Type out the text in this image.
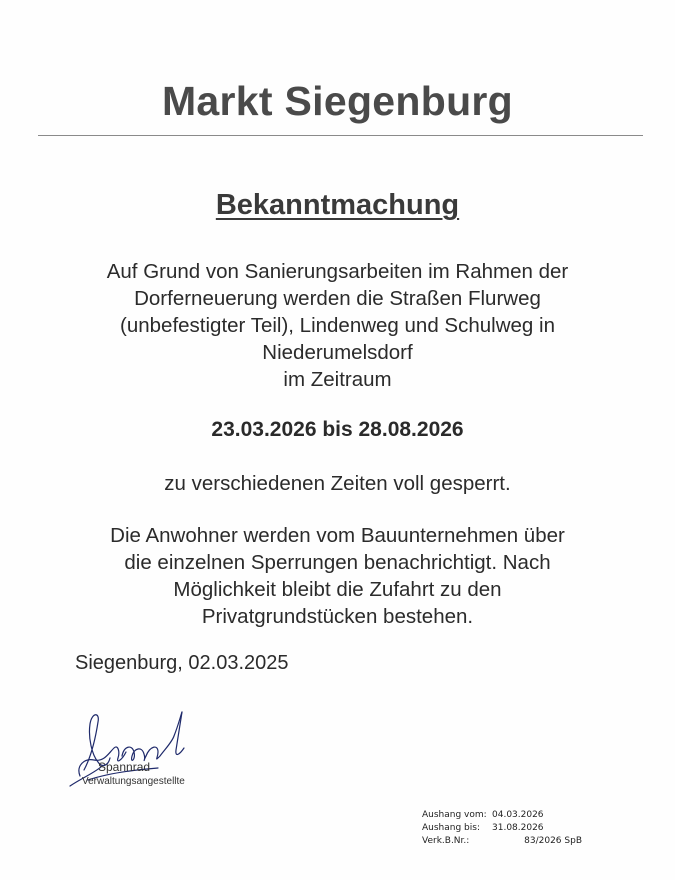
Markt Siegenburg
Bekanntmachung

Auf Grund von Sanierungsarbeiten im Rahmen der
Dorferneuerung werden die Straßen Flurweg
(unbefestigter Teil), Lindenweg und Schulweg in
Niederumelsdorf
im Zeitraum

23.03.2026 bis 28.08.2026

zu verschiedenen Zeiten voll gesperrt.

Die Anwohner werden vom Bauunternehmen über
die einzelnen Sperrungen benachrichtigt. Nach
Möglichkeit bleibt die Zufahrt zu den
Privatgrundstücken bestehen.

Siegenburg, 02.03.2025

Spannrad
Verwaltungsangestellte
Aushang vom: 04.03.2026
Aushang bis:	31.08.2026
Verk.B.Nr.:	83/2026 SpB
